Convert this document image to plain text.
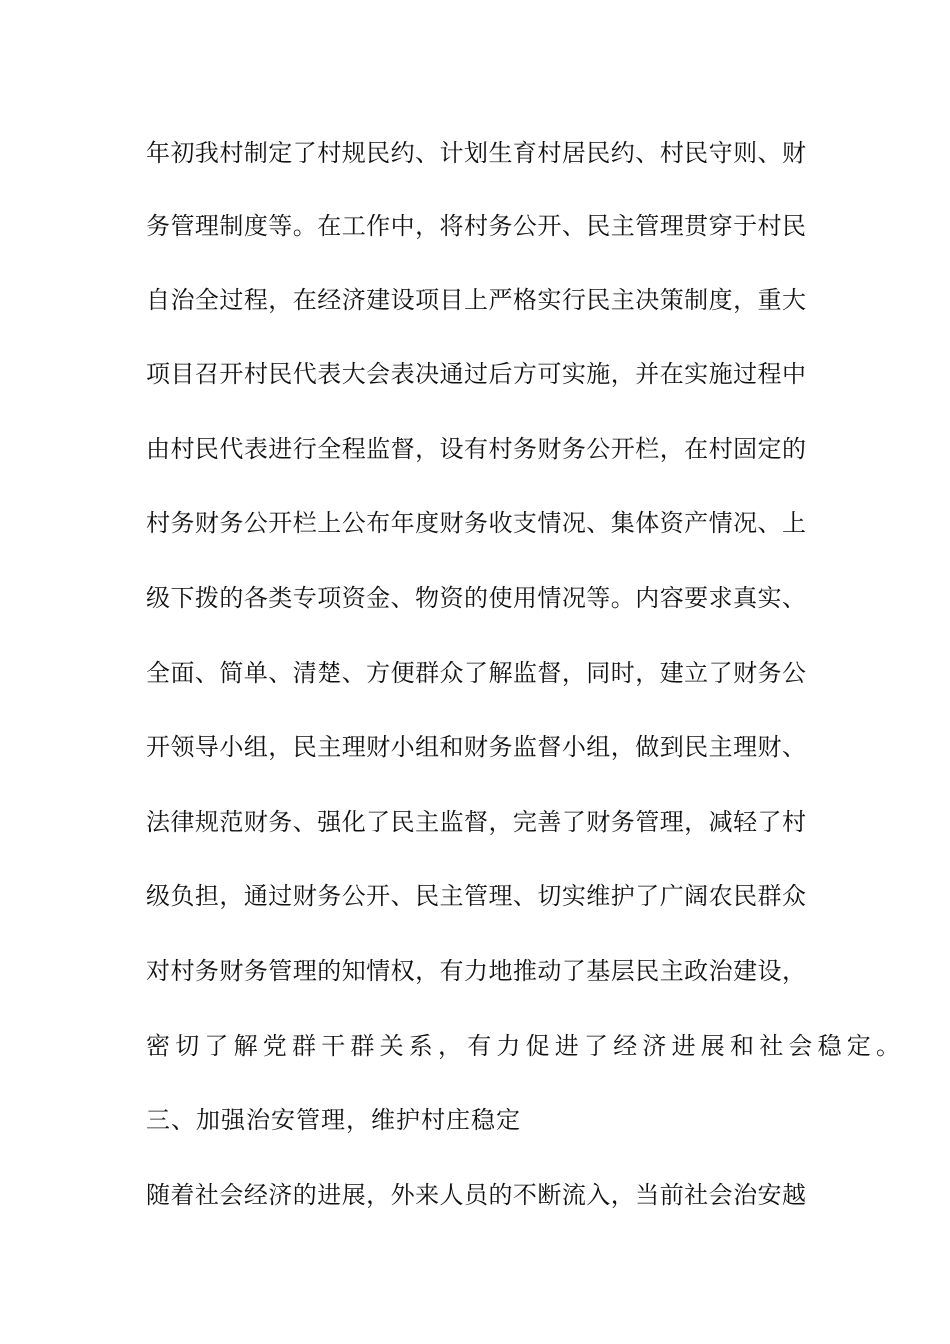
年初我村制定了村规民约、计划生育村居民约、村民守则、财
务管理制度等。在工作中，将村务公开、民主管理贯穿于村民
自治全过程，在经济建设项目上严格实行民主决策制度，重大
项目召开村民代表大会表决通过后方可实施，并在实施过程中
由村民代表进行全程监督，设有村务财务公开栏，在村固定的
村务财务公开栏上公布年度财务收支情况、集体资产情况、上
级下拨的各类专项资金、物资的使用情况等。内容要求真实、
全面、简单、清楚、方便群众了解监督，同时，建立了财务公
开领导小组，民主理财小组和财务监督小组，做到民主理财、
法律规范财务、强化了民主监督，完善了财务管理，减轻了村
级负担，通过财务公开、民主管理、切实维护了广阔农民群众
对村务财务管理的知情权，有力地推动了基层民主政治建设，
密切了解党群干群关系，有力促进了经济进展和社会稳定。
三、加强治安管理，维护村庄稳定
随着社会经济的进展，外来人员的不断流入，当前社会治安越
